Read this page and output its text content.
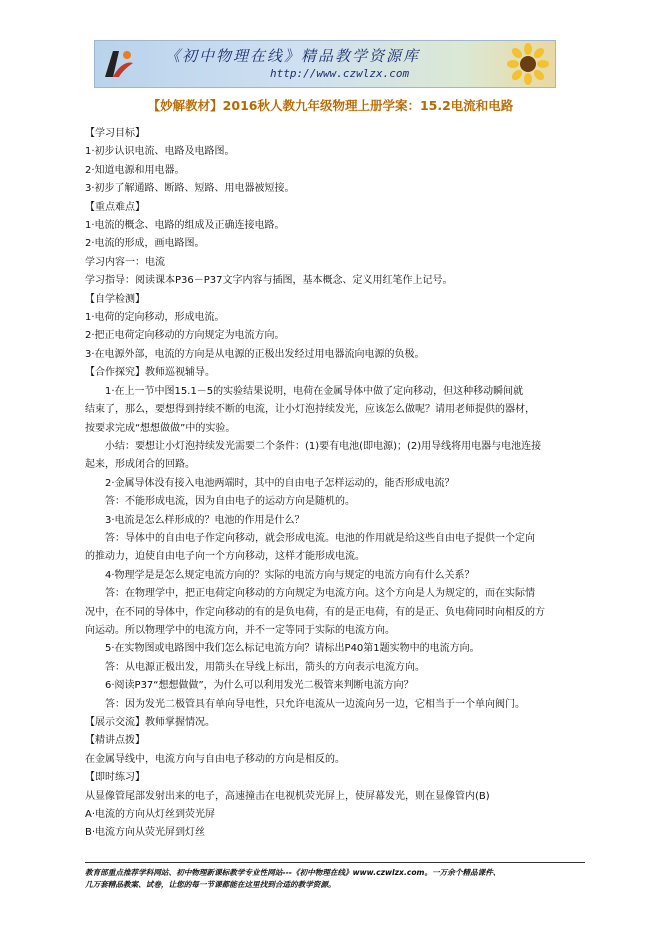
《初中物理在线》精品教学资源库
http://www.czwlzx.com
【妙解教材】2016秋人教九年级物理上册学案：15.2电流和电路

【学习目标】

1·初步认识电流、电路及电路图。

2·知道电源和用电器。

3·初步了解通路、断路、短路、用电器被短接。

【重点难点】

1·电流的概念、电路的组成及正确连接电路。

2·电流的形成，画电路图。

学习内容一：电流

学习指导：阅读课本P36－P37文字内容与插图，基本概念、定义用红笔作上记号。

【自学检测】

1·电荷的定向移动，形成电流。

2·把正电荷定向移动的方向规定为电流方向。

3·在电源外部，电流的方向是从电源的正极出发经过用电器流向电源的负极。

【合作探究】教师巡视辅导。

1·在上一节中图15.1－5的实验结果说明，电荷在金属导体中做了定向移动，但这种移动瞬间就

结束了，那么，要想得到持续不断的电流，让小灯泡持续发光，应该怎么做呢？请用老师提供的器材，

按要求完成“想想做做”中的实验。

小结：要想让小灯泡持续发光需要二个条件：(1)要有电池(即电源)；(2)用导线将用电器与电池连接

起来，形成闭合的回路。

2·金属导体没有接入电池两端时，其中的自由电子怎样运动的，能否形成电流？

答：不能形成电流，因为自由电子的运动方向是随机的。

3·电流是怎么样形成的？电池的作用是什么？

答：导体中的自由电子作定向移动，就会形成电流。电池的作用就是给这些自由电子提供一个定向

的推动力，迫使自由电子向一个方向移动，这样才能形成电流。

4·物理学是是怎么规定电流方向的？实际的电流方向与规定的电流方向有什么关系？

答：在物理学中，把正电荷定向移动的方向规定为电流方向。这个方向是人为规定的，而在实际情

况中，在不同的导体中，作定向移动的有的是负电荷，有的是正电荷，有的是正、负电荷同时向相反的方

向运动。所以物理学中的电流方向，并不一定等同于实际的电流方向。

5·在实物图或电路图中我们怎么标记电流方向？请标出P40第1题实物中的电流方向。

答：从电源正极出发，用箭头在导线上标出，箭头的方向表示电流方向。

6·阅读P37“想想做做”，为什么可以利用发光二极管来判断电流方向？

答：因为发光二极管具有单向导电性，只允许电流从一边流向另一边，它相当于一个单向阀门。

【展示交流】教师掌握情况。

【精讲点拨】

在金属导线中，电流方向与自由电子移动的方向是相反的。

【即时练习】

从显像管尾部发射出来的电子，高速撞击在电视机荧光屏上，使屏幕发光，则在显像管内(B)

A·电流的方向从灯丝到荧光屏

B·电流方向从荧光屏到灯丝

教育部重点推荐学科网站、初中物理新课标教学专业性网站---《初中物理在线》www.czwlzx.com。一万余个精品课件、

几万套精品教案、试卷，让您的每一节课都能在这里找到合适的教学资源。
